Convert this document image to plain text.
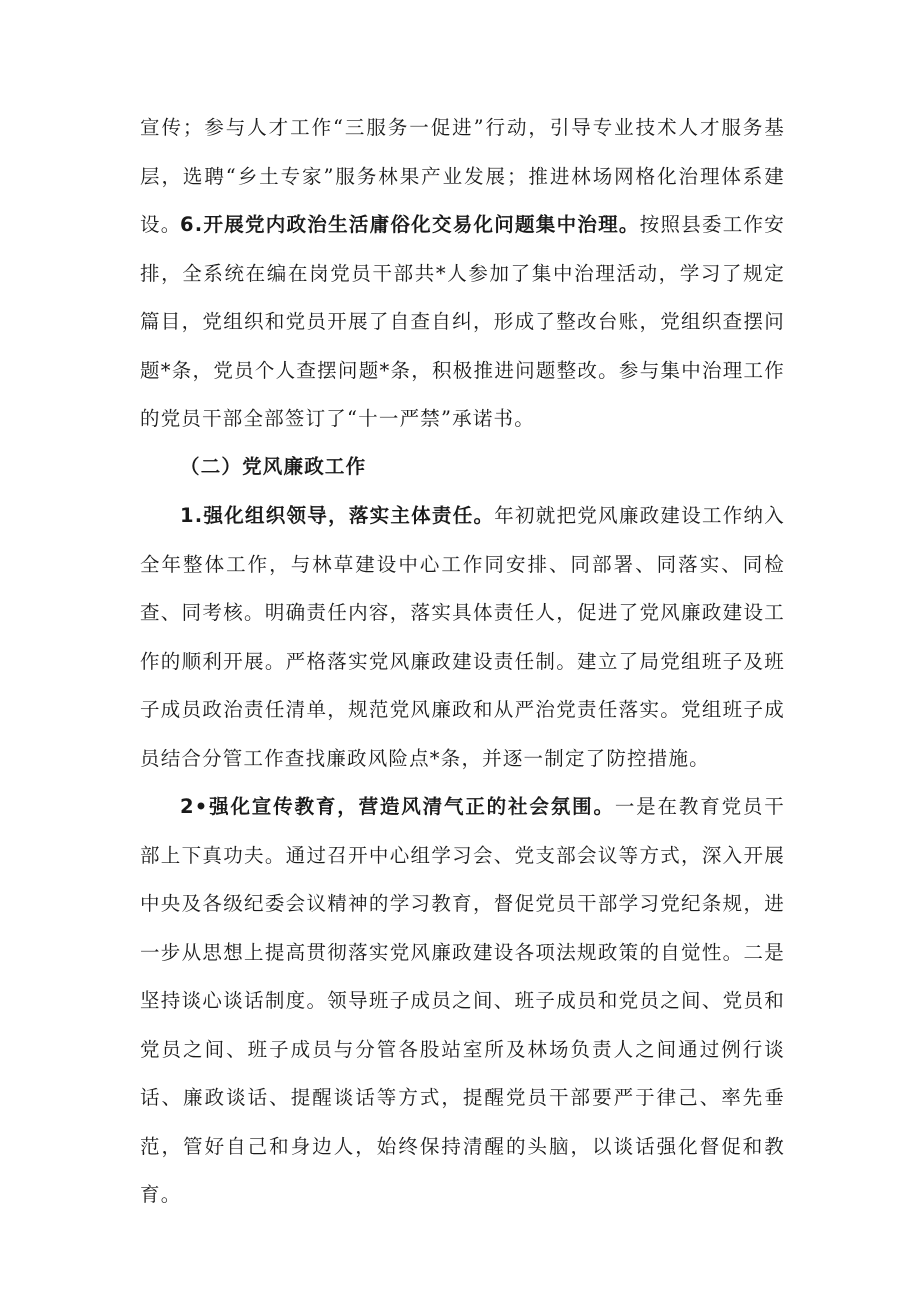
宣传；参与人才工作“三服务一促进”行动，引导专业技术人才服务基层，选聘“乡土专家”服务林果产业发展；推进林场网格化治理体系建设。

6.开展党内政治生活庸俗化交易化问题集中治理。按照县委工作安排，全系统在编在岗党员干部共*人参加了集中治理活动，学习了规定篇目，党组织和党员开展了自查自纠，形成了整改台账，党组织查摆问题*条，党员个人查摆问题*条，积极推进问题整改。参与集中治理工作的党员干部全部签订了“十一严禁”承诺书。

（二）党风廉政工作

1.强化组织领导，落实主体责任。年初就把党风廉政建设工作纳入全年整体工作，与林草建设中心工作同安排、同部署、同落实、同检查、同考核。明确责任内容，落实具体责任人，促进了党风廉政建设工作的顺利开展。严格落实党风廉政建设责任制。建立了局党组班子及班子成员政治责任清单，规范党风廉政和从严治党责任落实。党组班子成员结合分管工作查找廉政风险点*条，并逐一制定了防控措施。

2•强化宣传教育，营造风清气正的社会氛围。一是在教育党员干部上下真功夫。通过召开中心组学习会、党支部会议等方式，深入开展中央及各级纪委会议精神的学习教育，督促党员干部学习党纪条规，进一步从思想上提高贯彻落实党风廉政建设各项法规政策的自觉性。二是坚持谈心谈话制度。领导班子成员之间、班子成员和党员之间、党员和党员之间、班子成员与分管各股站室所及林场负责人之间通过例行谈话、廉政谈话、提醒谈话等方式，提醒党员干部要严于律己、率先垂范，管好自己和身边人，始终保持清醒的头脑，以谈话强化督促和教育。
